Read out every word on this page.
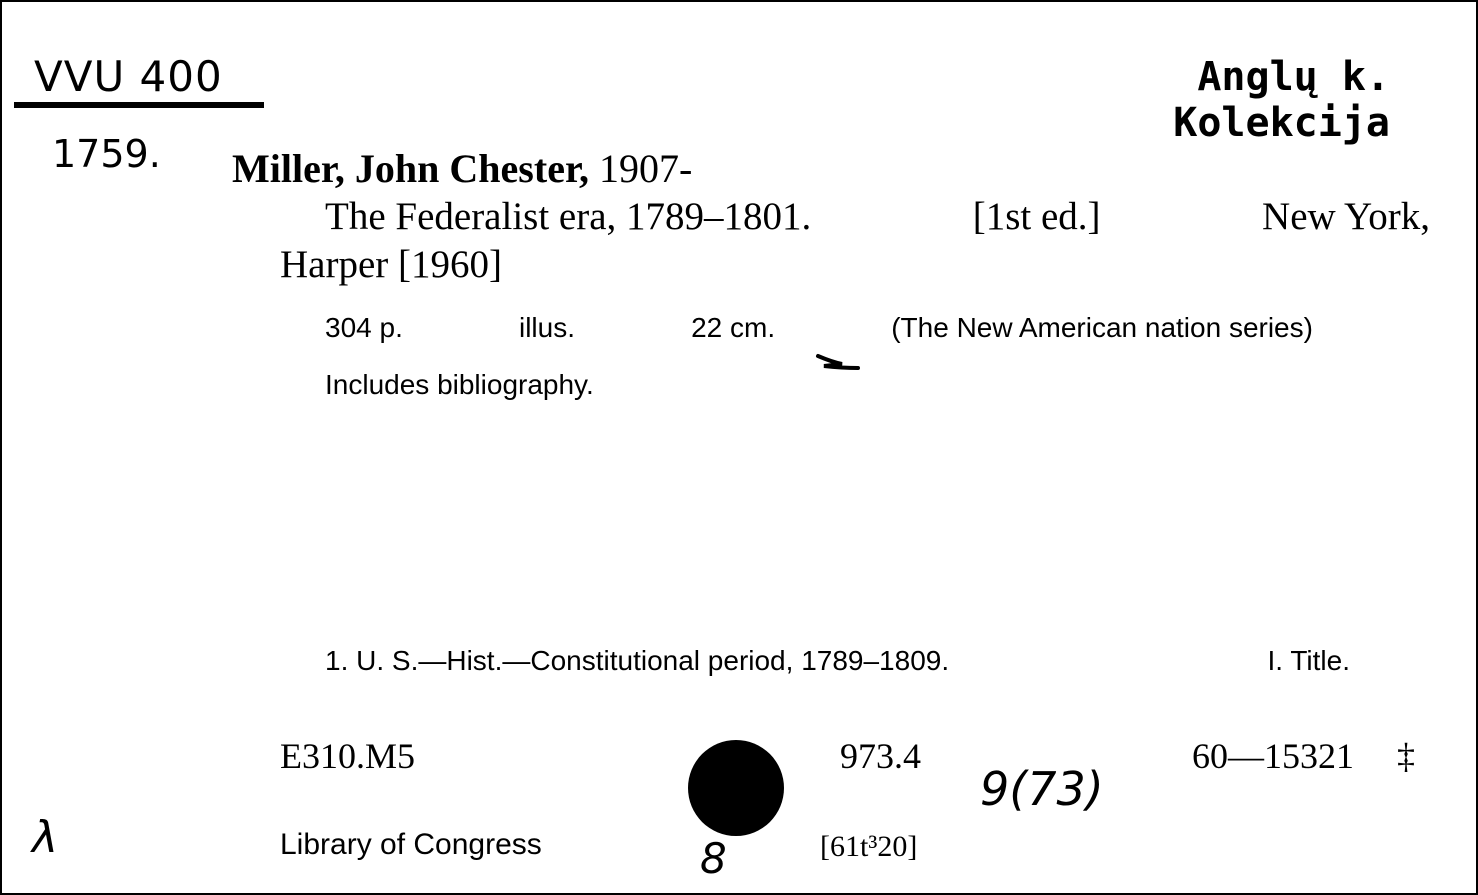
VVU 400
1759.
Anglų k.
Kolekcija
Miller, John Chester, 1907-
The Federalist era, 1789–1801.	[1st ed.]	New York,
Harper [1960]
304 p.	illus.	22 cm.	(The New American nation series)
Includes bibliography.
1. U. S.—Hist.—Constitutional period, 1789–1809.	I. Title.
E310.M5	973.4	60—15321 ‡
9(73)
Library of Congress	8	[61t³20]
λ
